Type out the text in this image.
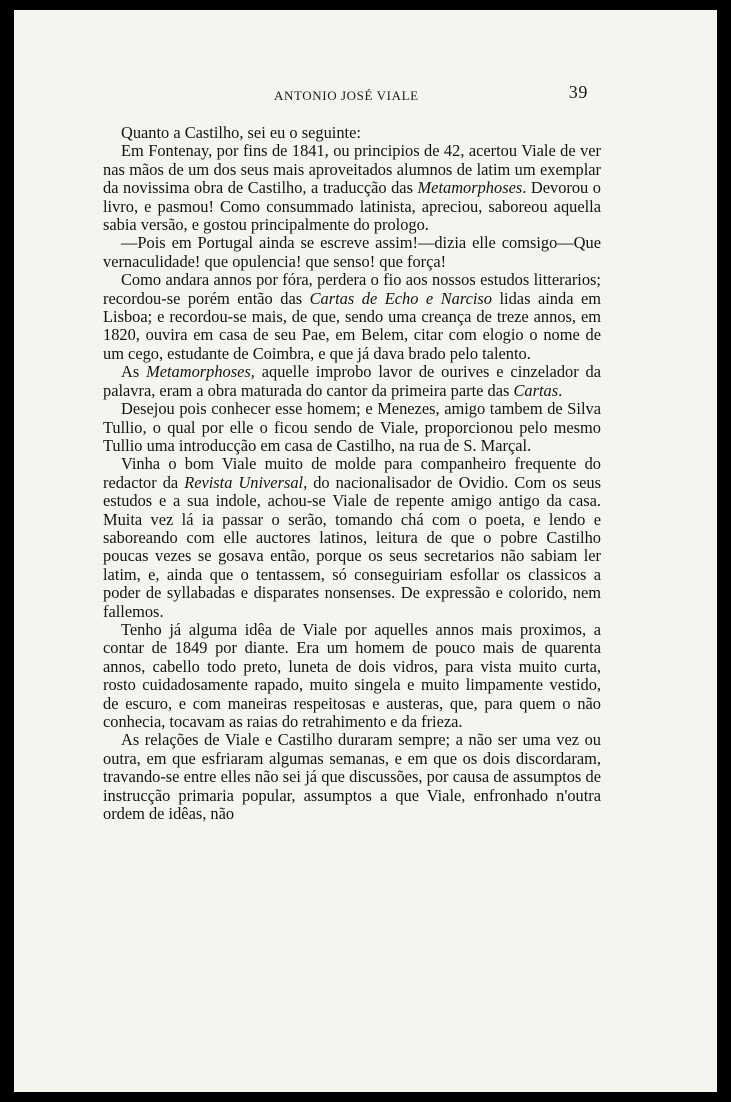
ANTONIO JOSÉ VIALE	39

Quanto a Castilho, sei eu o seguinte:

Em Fontenay, por fins de 1841, ou principios de 42, acertou Viale de ver nas mãos de um dos seus mais aproveitados alumnos de latim um exemplar da novissima obra de Castilho, a traducção das Metamorphoses. Devorou o livro, e pasmou! Como consummado latinista, apreciou, saboreou aquella sabia versão, e gostou principalmente do prologo.

—Pois em Portugal ainda se escreve assim!—dizia elle comsigo—Que vernaculidade! que opulencia! que senso! que força!

Como andara annos por fóra, perdera o fio aos nossos estudos litterarios; recordou-se porém então das Cartas de Echo e Narciso lidas ainda em Lisboa; e recordou-se mais, de que, sendo uma creança de treze annos, em 1820, ouvira em casa de seu Pae, em Belem, citar com elogio o nome de um cego, estudante de Coimbra, e que já dava brado pelo talento.

As Metamorphoses, aquelle improbo lavor de ourives e cinzelador da palavra, eram a obra maturada do cantor da primeira parte das Cartas.

Desejou pois conhecer esse homem; e Menezes, amigo tambem de Silva Tullio, o qual por elle o ficou sendo de Viale, proporcionou pelo mesmo Tullio uma introducção em casa de Castilho, na rua de S. Marçal.

Vinha o bom Viale muito de molde para companheiro frequente do redactor da Revista Universal, do nacionalisador de Ovidio. Com os seus estudos e a sua indole, achou-se Viale de repente amigo antigo da casa. Muita vez lá ia passar o serão, tomando chá com o poeta, e lendo e saboreando com elle auctores latinos, leitura de que o pobre Castilho poucas vezes se gosava então, porque os seus secretarios não sabiam ler latim, e, ainda que o tentassem, só conseguiriam esfollar os classicos a poder de syllabadas e disparates nonsenses. De expressão e colorido, nem fallemos.

Tenho já alguma idêa de Viale por aquelles annos mais proximos, a contar de 1849 por diante. Era um homem de pouco mais de quarenta annos, cabello todo preto, luneta de dois vidros, para vista muito curta, rosto cuidadosamente rapado, muito singela e muito limpamente vestido, de escuro, e com maneiras respeitosas e austeras, que, para quem o não conhecia, tocavam as raias do retrahimento e da frieza.

As relações de Viale e Castilho duraram sempre; a não ser uma vez ou outra, em que esfriaram algumas semanas, e em que os dois discordaram, travando-se entre elles não sei já que discussões, por causa de assumptos de instrucção primaria popular, assumptos a que Viale, enfronhado n'outra ordem de idêas, não
